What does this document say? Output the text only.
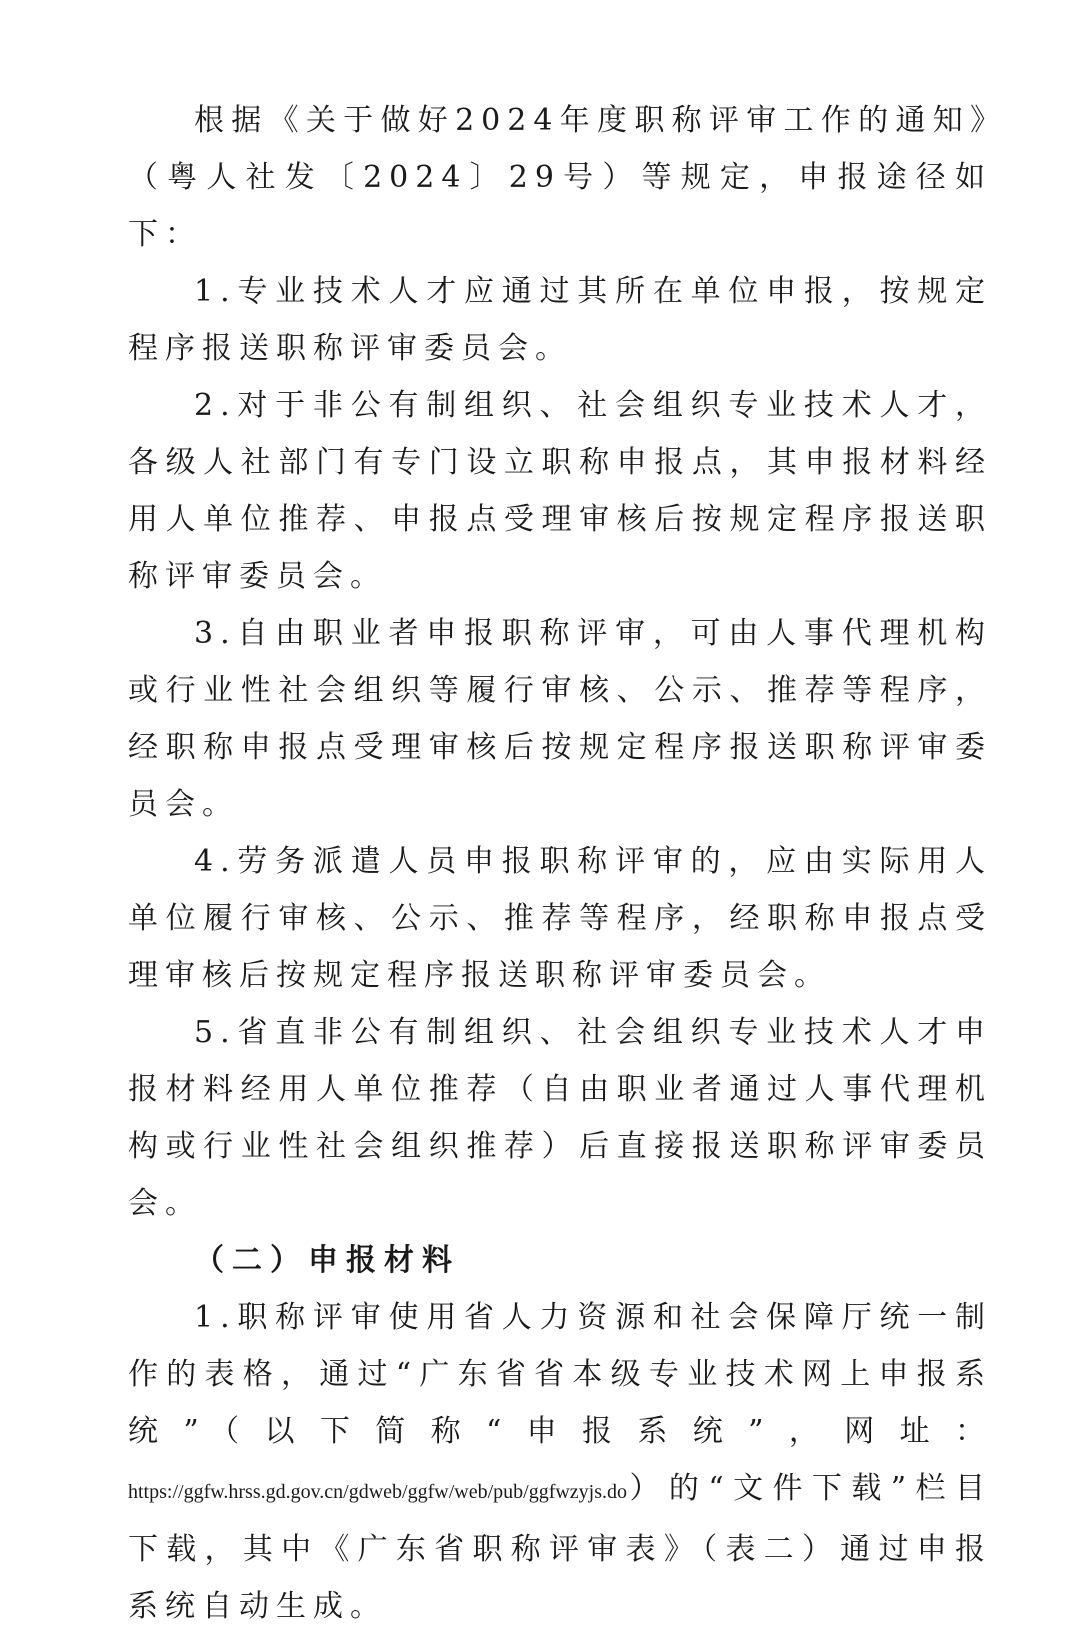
根据《关于做好2024年度职称评审工作的通知》（粤人社发〔2024〕29号）等规定，申报途径如下：

1.专业技术人才应通过其所在单位申报，按规定程序报送职称评审委员会。

2.对于非公有制组织、社会组织专业技术人才，各级人社部门有专门设立职称申报点，其申报材料经用人单位推荐、申报点受理审核后按规定程序报送职称评审委员会。

3.自由职业者申报职称评审，可由人事代理机构或行业性社会组织等履行审核、公示、推荐等程序，经职称申报点受理审核后按规定程序报送职称评审委员会。

4.劳务派遣人员申报职称评审的，应由实际用人单位履行审核、公示、推荐等程序，经职称申报点受理审核后按规定程序报送职称评审委员会。

5.省直非公有制组织、社会组织专业技术人才申报材料经用人单位推荐（自由职业者通过人事代理机构或行业性社会组织推荐）后直接报送职称评审委员会。

（二）申报材料

1.职称评审使用省人力资源和社会保障厅统一制作的表格，通过“广东省省本级专业技术网上申报系统”（以下简称“申报系统”，网址：https://ggfw.hrss.gd.gov.cn/gdweb/ggfw/web/pub/ggfwzyjs.do）的“文件下载”栏目下载，其中《广东省职称评审表》（表二）通过申报系统自动生成。
